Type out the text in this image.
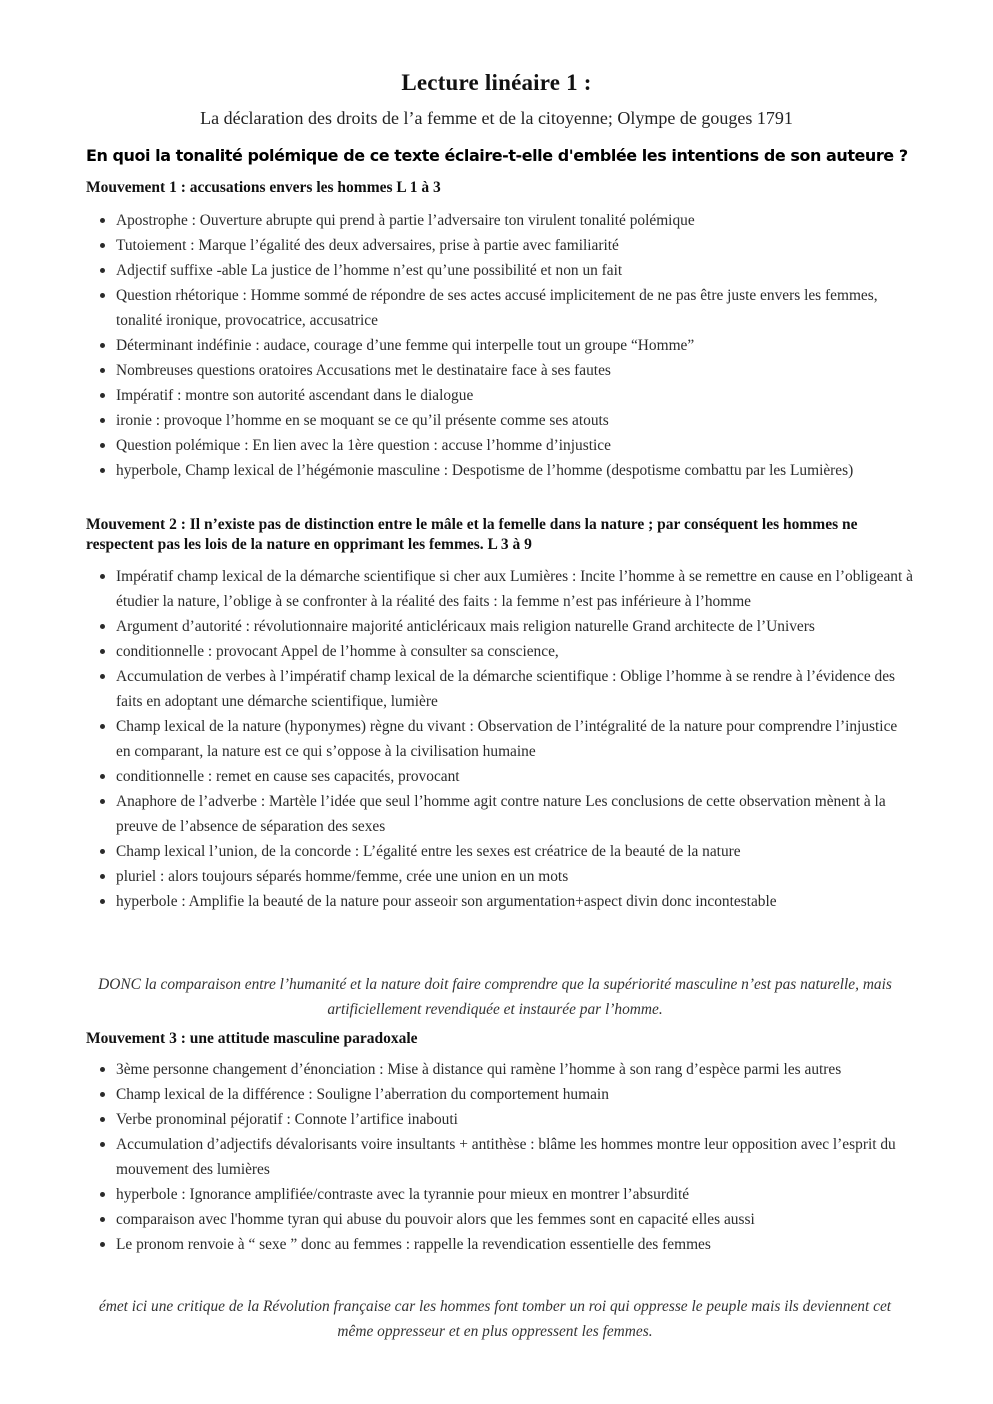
Lecture linéaire 1 :
La déclaration des droits de l’a femme et de la citoyenne; Olympe de gouges 1791
En quoi la tonalité polémique de ce texte éclaire-t-elle d'emblée les intentions de son auteure ?
Mouvement 1 : accusations envers les hommes L 1 à 3
Apostrophe : Ouverture abrupte qui prend à partie l’adversaire ton virulent tonalité polémique
Tutoiement : Marque l’égalité des deux adversaires, prise à partie avec familiarité
Adjectif suffixe -able La justice de l’homme n’est qu’une possibilité et non un fait
Question rhétorique : Homme sommé de répondre de ses actes accusé implicitement de ne pas être juste envers les femmes, tonalité ironique, provocatrice, accusatrice
Déterminant indéfinie : audace, courage d’une femme qui interpelle tout un groupe “Homme”
Nombreuses questions oratoires Accusations met le destinataire face à ses fautes
Impératif : montre son autorité ascendant dans le dialogue
ironie : provoque l’homme en se moquant se ce qu’il présente comme ses atouts
Question polémique : En lien avec la 1ère question : accuse l’homme d’injustice
hyperbole, Champ lexical de l’hégémonie masculine : Despotisme de l’homme (despotisme combattu par les Lumières)
Mouvement 2 : Il n’existe pas de distinction entre le mâle et la femelle dans la nature ; par conséquent les hommes ne respectent pas les lois de la nature en opprimant les femmes. L 3 à 9
Impératif champ lexical de la démarche scientifique si cher aux Lumières : Incite l’homme à se remettre en cause en l’obligeant à étudier la nature, l’oblige à se confronter à la réalité des faits : la femme n’est pas inférieure à l’homme
Argument d’autorité : révolutionnaire majorité anticléricaux mais religion naturelle Grand architecte de l’Univers
conditionnelle : provocant Appel de l’homme à consulter sa conscience,
Accumulation de verbes à l’impératif champ lexical de la démarche scientifique : Oblige l’homme à se rendre à l’évidence des faits en adoptant une démarche scientifique, lumière
Champ lexical de la nature (hyponymes) règne du vivant : Observation de l’intégralité de la nature pour comprendre l’injustice en comparant, la nature est ce qui s’oppose à la civilisation humaine
conditionnelle : remet en cause ses capacités, provocant
Anaphore de l’adverbe : Martèle l’idée que seul l’homme agit contre nature Les conclusions de cette observation mènent à la preuve de l’absence de séparation des sexes
Champ lexical l’union, de la concorde : L’égalité entre les sexes est créatrice de la beauté de la nature
pluriel : alors toujours séparés homme/femme, crée une union en un mots
hyperbole : Amplifie la beauté de la nature pour asseoir son argumentation+aspect divin donc incontestable
DONC la comparaison entre l’humanité et la nature doit faire comprendre que la supériorité masculine n’est pas naturelle, mais artificiellement revendiquée et instaurée par l’homme.
Mouvement 3 : une attitude masculine paradoxale
3ème personne changement d’énonciation : Mise à distance qui ramène l’homme à son rang d’espèce parmi les autres
Champ lexical de la différence : Souligne l’aberration du comportement humain
Verbe pronominal péjoratif : Connote l’artifice inabouti
Accumulation d’adjectifs dévalorisants voire insultants + antithèse : blâme les hommes montre leur opposition avec l’esprit du mouvement des lumières
hyperbole : Ignorance amplifiée/contraste avec la tyrannie pour mieux en montrer l’absurdité
comparaison avec l'homme tyran qui abuse du pouvoir alors que les femmes sont en capacité elles aussi
Le pronom renvoie à “ sexe ” donc au femmes : rappelle la revendication essentielle des femmes
émet ici une critique de la Révolution française car les hommes font tomber un roi qui oppresse le peuple mais ils deviennent cet même oppresseur et en plus oppressent les femmes.
